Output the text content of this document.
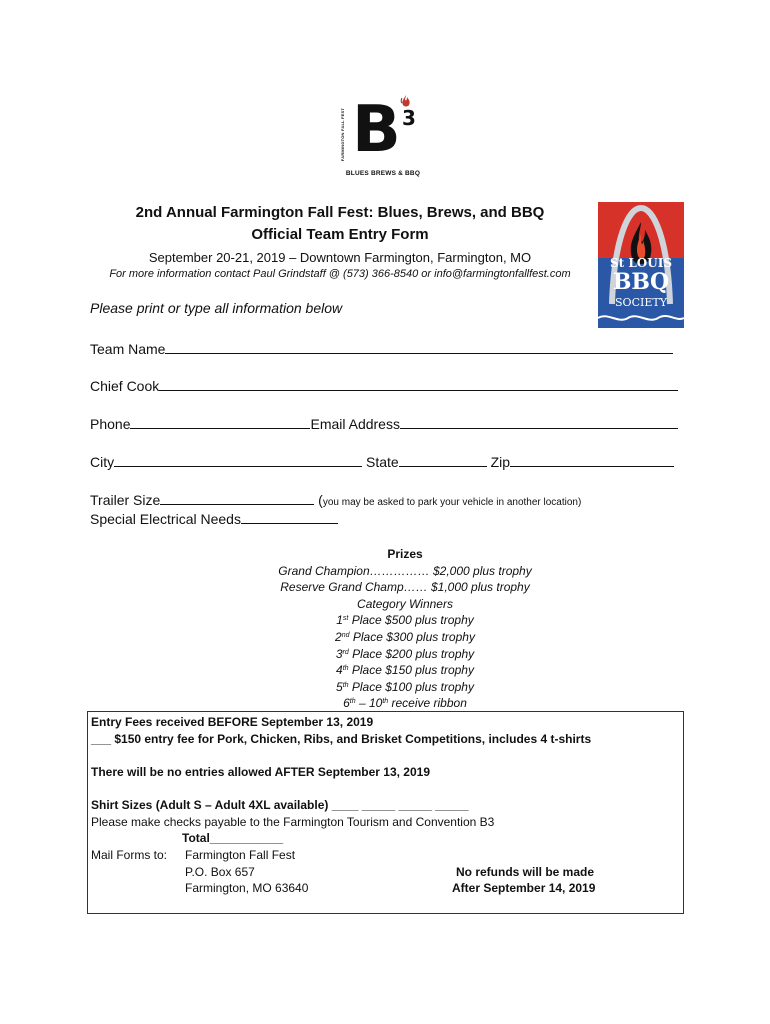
FARMINGTON FALL FEST B 3
BLUES BREWS & BBQ
2nd Annual Farmington Fall Fest: Blues, Brews, and BBQ
Official Team Entry Form
September 20-21, 2019 – Downtown Farmington, Farmington, MO
For more information contact Paul Grindstaff @ (573) 366-8540 or info@farmingtonfallfest.com
St LOUIS
BBQ
SOCIETY
Please print or type all information below
Team Name
Chief Cook
Phone	Email Address
City	State	Zip
Trailer Size	(you may be asked to park your vehicle in another location)
Special Electrical Needs
Prizes
Grand Champion…………… $2,000 plus trophy
Reserve Grand Champ…… $1,000 plus trophy
Category Winners
1st Place $500 plus trophy
2nd Place $300 plus trophy
3rd Place $200 plus trophy
4th Place $150 plus trophy
5th Place $100 plus trophy
6th – 10th receive ribbon
Entry Fees received BEFORE September 13, 2019
___ $150 entry fee for Pork, Chicken, Ribs, and Brisket Competitions, includes 4 t-shirts
There will be no entries allowed AFTER September 13, 2019
Shirt Sizes (Adult S – Adult 4XL available) ____ _____ _____ _____
Please make checks payable to the Farmington Tourism and Convention B3
Total___________
Mail Forms to: Farmington Fall Fest
P.O. Box 657
Farmington, MO 63640
No refunds will be made
After September 14, 2019
